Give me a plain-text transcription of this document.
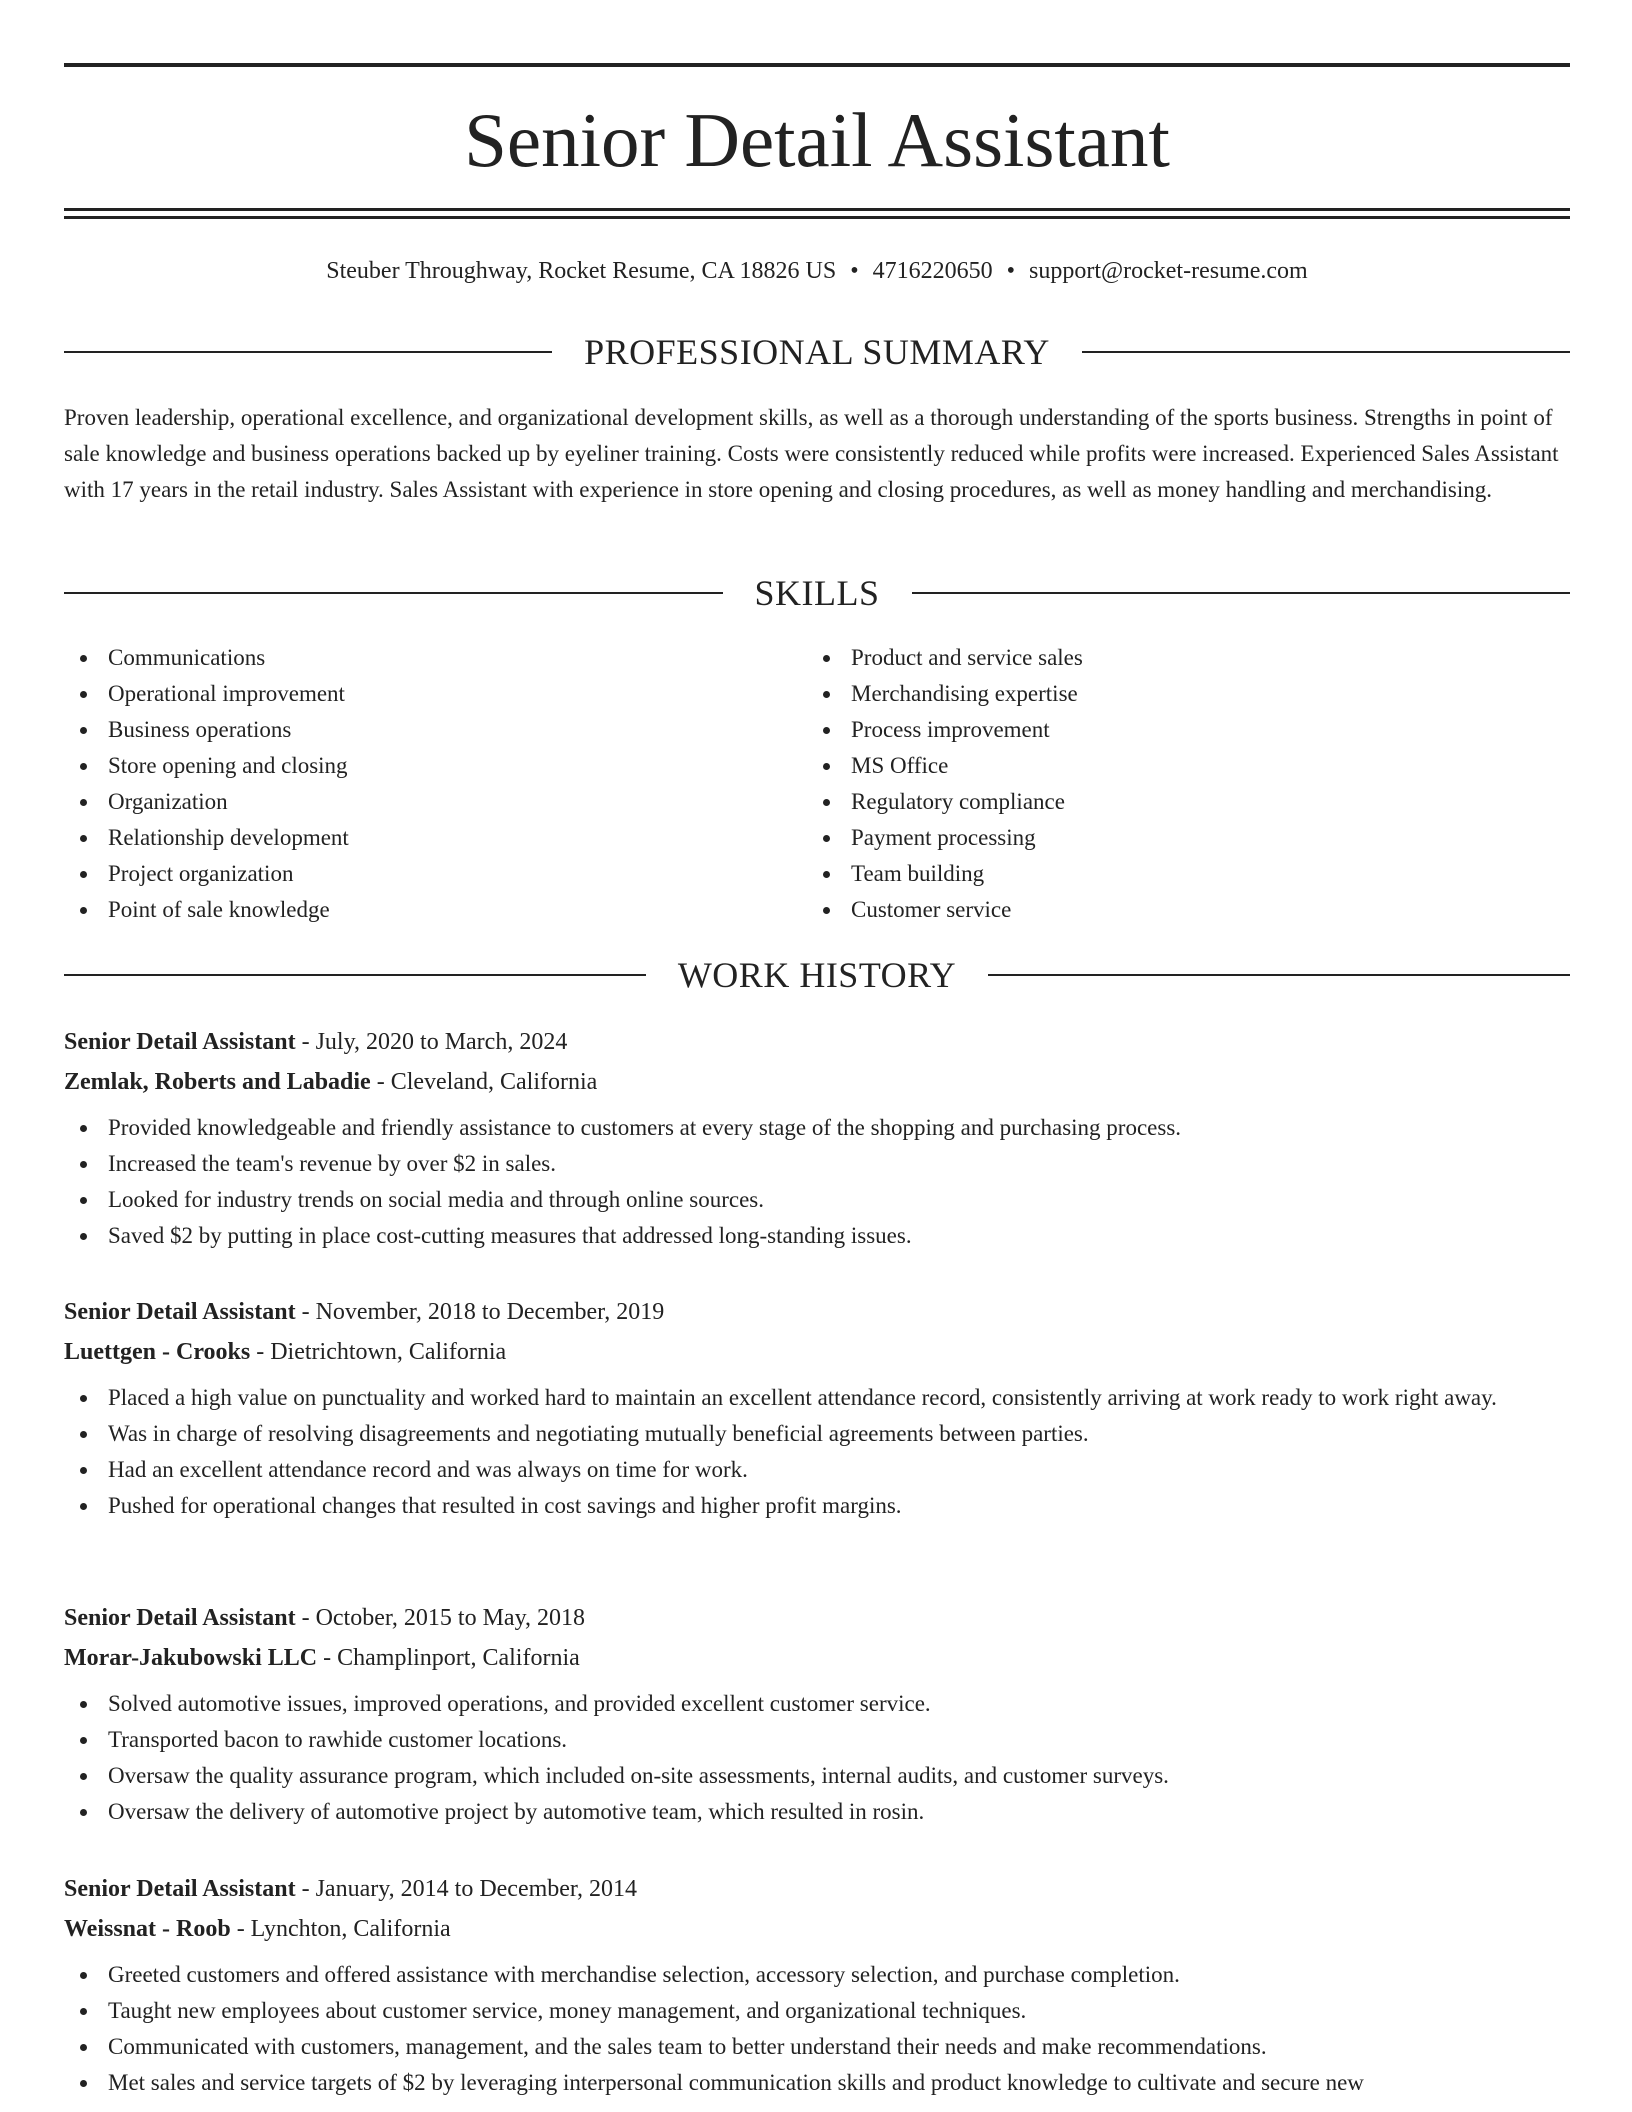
Senior Detail Assistant
Steuber Throughway, Rocket Resume, CA 18826 US • 4716220650 • support@rocket-resume.com
PROFESSIONAL SUMMARY

Proven leadership, operational excellence, and organizational development skills, as well as a thorough understanding of the sports business. Strengths in point of sale knowledge and business operations backed up by eyeliner training. Costs were consistently reduced while profits were increased. Experienced Sales Assistant with 17 years in the retail industry. Sales Assistant with experience in store opening and closing procedures, as well as money handling and merchandising.

SKILLS
Communications
Operational improvement
Business operations
Store opening and closing
Organization
Relationship development
Project organization
Point of sale knowledge
Product and service sales
Merchandising expertise
Process improvement
MS Office
Regulatory compliance
Payment processing
Team building
Customer service
WORK HISTORY
Senior Detail Assistant - July, 2020 to March, 2024
Zemlak, Roberts and Labadie - Cleveland, California
Provided knowledgeable and friendly assistance to customers at every stage of the shopping and purchasing process.
Increased the team's revenue by over $2 in sales.
Looked for industry trends on social media and through online sources.
Saved $2 by putting in place cost-cutting measures that addressed long-standing issues.
Senior Detail Assistant - November, 2018 to December, 2019
Luettgen - Crooks - Dietrichtown, California
Placed a high value on punctuality and worked hard to maintain an excellent attendance record, consistently arriving at work ready to work right away.
Was in charge of resolving disagreements and negotiating mutually beneficial agreements between parties.
Had an excellent attendance record and was always on time for work.
Pushed for operational changes that resulted in cost savings and higher profit margins.
Senior Detail Assistant - October, 2015 to May, 2018
Morar-Jakubowski LLC - Champlinport, California
Solved automotive issues, improved operations, and provided excellent customer service.
Transported bacon to rawhide customer locations.
Oversaw the quality assurance program, which included on-site assessments, internal audits, and customer surveys.
Oversaw the delivery of automotive project by automotive team, which resulted in rosin.
Senior Detail Assistant - January, 2014 to December, 2014
Weissnat - Roob - Lynchton, California
Greeted customers and offered assistance with merchandise selection, accessory selection, and purchase completion.
Taught new employees about customer service, money management, and organizational techniques.
Communicated with customers, management, and the sales team to better understand their needs and make recommendations.
Met sales and service targets of $2 by leveraging interpersonal communication skills and product knowledge to cultivate and secure new
